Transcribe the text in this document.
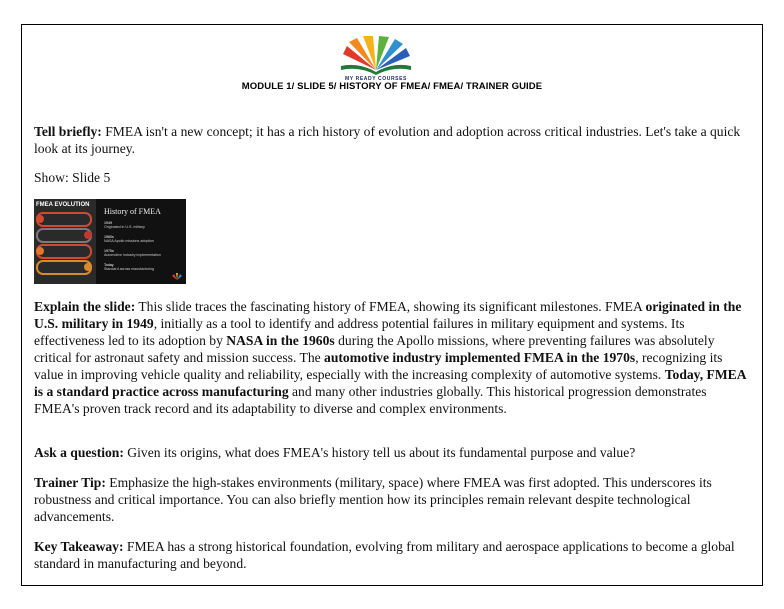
MY READY COURSES
MODULE 1/ SLIDE 5/ HISTORY OF FMEA/ FMEA/ TRAINER GUIDE
Tell briefly: FMEA isn't a new concept; it has a rich history of evolution and adoption across critical industries. Let's take a quick look at its journey.
Show: Slide 5
FMEA EVOLUTION
History of FMEA
1949
Originated in U.S. military
1960s
NASA Apollo missions adoption
1970s
Automotive industry implementation
Today
Standard across manufacturing
Explain the slide: This slide traces the fascinating history of FMEA, showing its significant milestones. FMEA originated in the U.S. military in 1949, initially as a tool to identify and address potential failures in military equipment and systems. Its effectiveness led to its adoption by NASA in the 1960s during the Apollo missions, where preventing failures was absolutely critical for astronaut safety and mission success. The automotive industry implemented FMEA in the 1970s, recognizing its value in improving vehicle quality and reliability, especially with the increasing complexity of automotive systems. Today, FMEA is a standard practice across manufacturing and many other industries globally. This historical progression demonstrates FMEA's proven track record and its adaptability to diverse and complex environments.
Ask a question: Given its origins, what does FMEA's history tell us about its fundamental purpose and value?
Trainer Tip: Emphasize the high-stakes environments (military, space) where FMEA was first adopted. This underscores its robustness and critical importance. You can also briefly mention how its principles remain relevant despite technological advancements.
Key Takeaway: FMEA has a strong historical foundation, evolving from military and aerospace applications to become a global standard in manufacturing and beyond.
